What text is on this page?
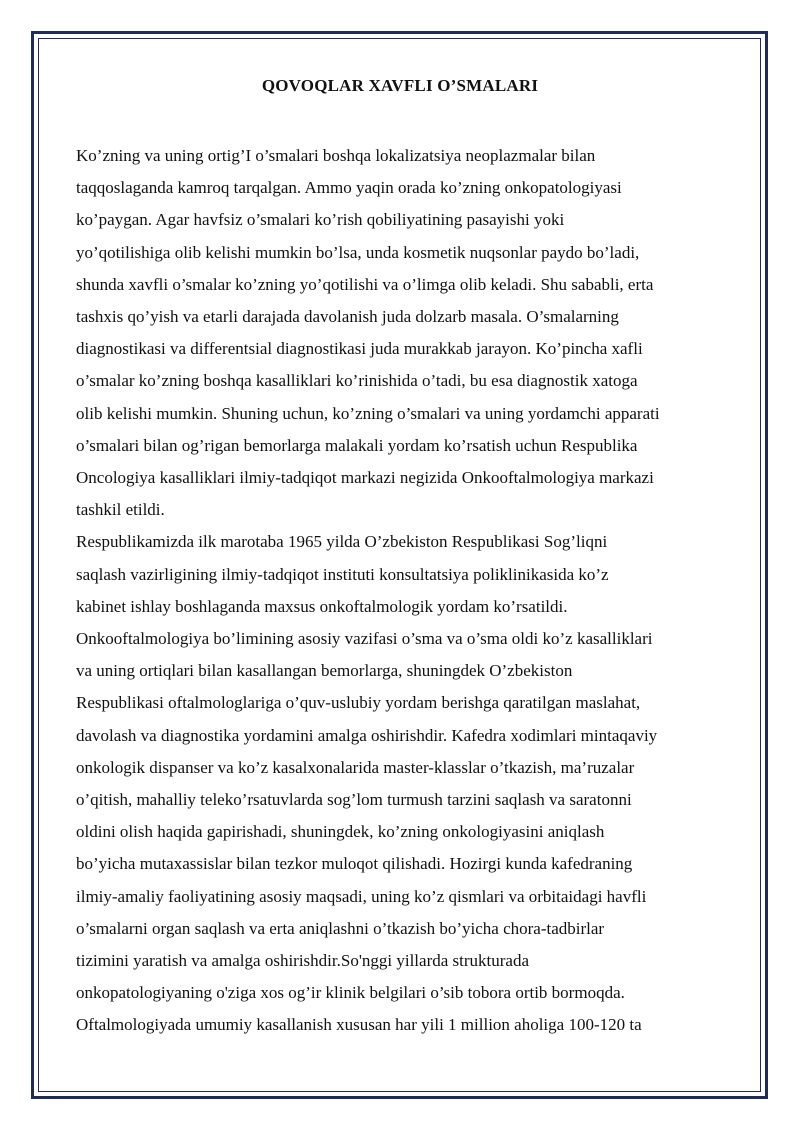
QOVOQLAR XAVFLI O’SMALARI

Ko’zning va uning ortig’I o’smalari boshqa lokalizatsiya neoplazmalar bilan
taqqoslaganda kamroq tarqalgan. Ammo yaqin orada ko’zning onkopatologiyasi
ko’paygan. Agar havfsiz o’smalari ko’rish qobiliyatining pasayishi yoki
yo’qotilishiga olib kelishi mumkin bo’lsa, unda kosmetik nuqsonlar paydo bo’ladi,
shunda xavfli o’smalar ko’zning yo’qotilishi va o’limga olib keladi. Shu sababli, erta
tashxis qo’yish va etarli darajada davolanish juda dolzarb masala. O’smalarning
diagnostikasi va differentsial diagnostikasi juda murakkab jarayon. Ko’pincha xafli
o’smalar ko’zning boshqa kasalliklari ko’rinishida o’tadi, bu esa diagnostik xatoga
olib kelishi mumkin. Shuning uchun, ko’zning o’smalari va uning yordamchi apparati
o’smalari bilan og’rigan bemorlarga malakali yordam ko’rsatish uchun Respublika
Oncologiya kasalliklari ilmiy-tadqiqot markazi negizida Onkooftalmologiya markazi
tashkil etildi.

Respublikamizda ilk marotaba 1965 yilda O’zbekiston Respublikasi Sog’liqni
saqlash vazirligining ilmiy-tadqiqot instituti konsultatsiya poliklinikasida ko’z
kabinet ishlay boshlaganda maxsus onkoftalmologik yordam ko’rsatildi.
Onkooftalmologiya bo’limining asosiy vazifasi o’sma va o’sma oldi ko’z kasalliklari
va uning ortiqlari bilan kasallangan bemorlarga, shuningdek O’zbekiston
Respublikasi oftalmologlariga o’quv-uslubiy yordam berishga qaratilgan maslahat,
davolash va diagnostika yordamini amalga oshirishdir. Kafedra xodimlari mintaqaviy
onkologik dispanser va ko’z kasalxonalarida master-klasslar o’tkazish, ma’ruzalar
o’qitish, mahalliy teleko’rsatuvlarda sog’lom turmush tarzini saqlash va saratonni
oldini olish haqida gapirishadi, shuningdek, ko’zning onkologiyasini aniqlash
bo’yicha mutaxassislar bilan tezkor muloqot qilishadi. Hozirgi kunda kafedraning
ilmiy-amaliy faoliyatining asosiy maqsadi, uning ko’z qismlari va orbitaidagi havfli
o’smalarni organ saqlash va erta aniqlashni o’tkazish bo’yicha chora-tadbirlar
tizimini yaratish va amalga oshirishdir.So'nggi yillarda strukturada
onkopatologiyaning o'ziga xos og’ir klinik belgilari o’sib tobora ortib bormoqda.
Oftalmologiyada umumiy kasallanish xususan har yili 1 million aholiga 100-120 ta
